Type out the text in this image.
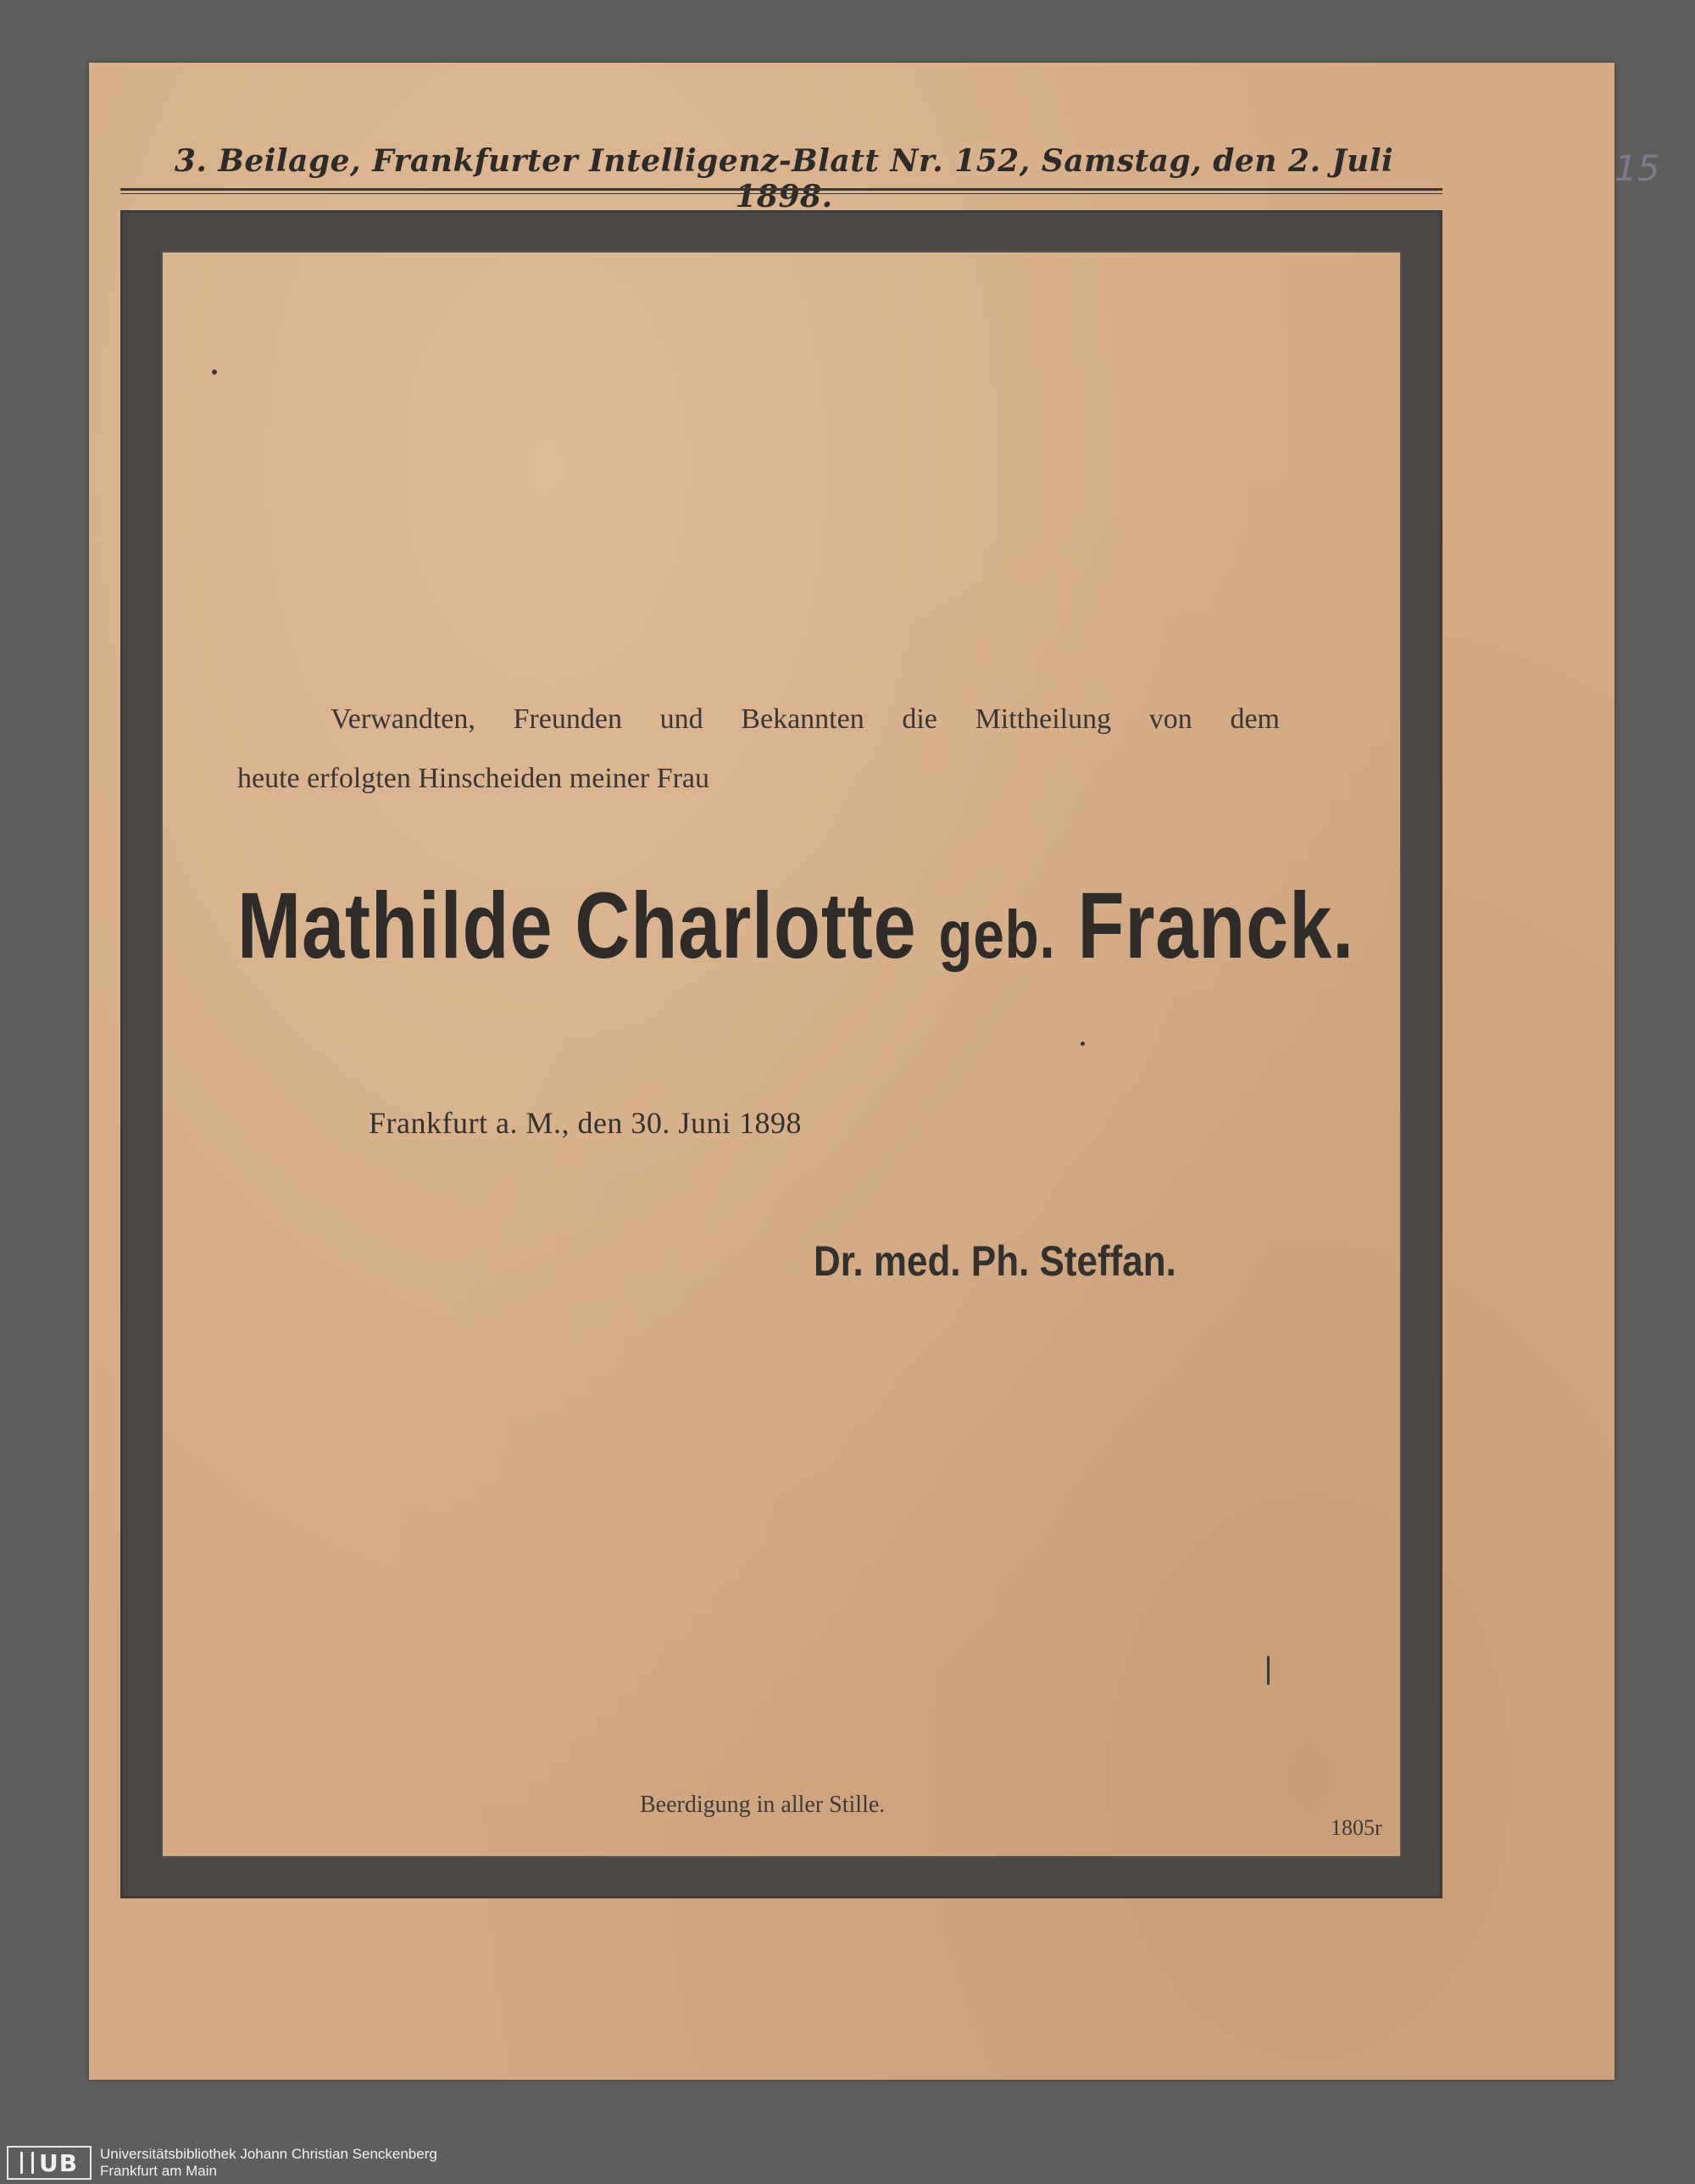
15
3. Beilage, Frankfurter Intelligenz-Blatt Nr. 152, Samstag, den 2. Juli 1898.
Verwandten, Freunden und Bekannten die Mittheilung von dem
heute erfolgten Hinscheiden meiner Frau
Mathilde Charlotte geb. Franck.
Frankfurt a. M., den 30. Juni 1898
Dr. med. Ph. Steffan.
Beerdigung in aller Stille.
1805r
UB Universitätsbibliothek Johann Christian Senckenberg
Frankfurt am Main
